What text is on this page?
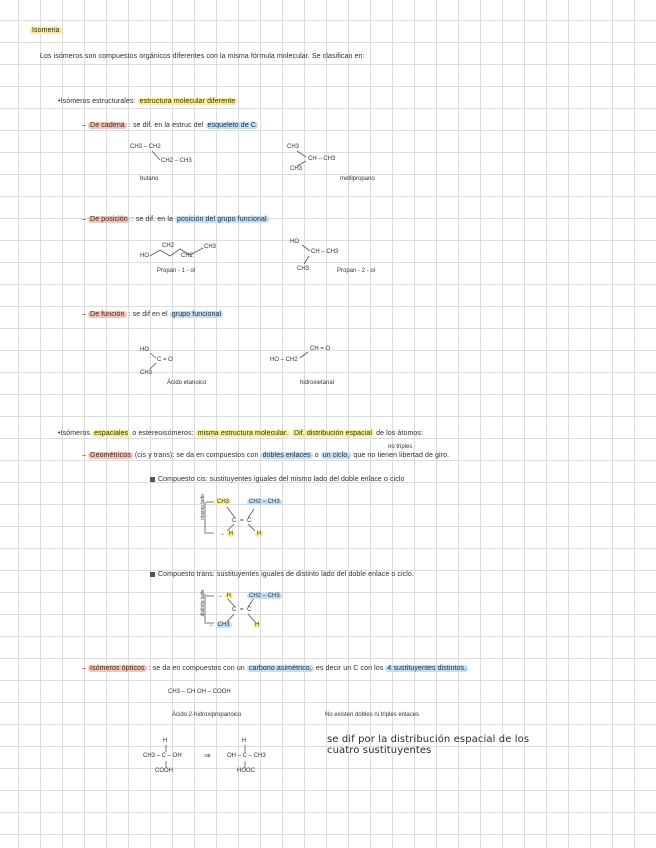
Isomeria
Los isómeros son compuestos orgánicos diferentes con la misma fórmula molecular. Se clasifican en:
•Isómeros estructurales: estructura molecular diferente
– De cadena : se dif. en la estruc del esqueleto de C
CH3 – CH2
CH2 – CH3
butano
CH3
CH – CH3
CH3
metilpropano
– De posición : se dif. en la posición del grupo funcional
HO
CH2
CH2
CH3
Propan - 1 - ol
HO
CH – CH3
CH3	Propan - 2 - ol
– De función : se dif en el grupo funcional
HO
C = O
CH3
Ácido etanoico
HO – CH2
CH = O
hidroxietanal
no triples
•Isómeros espaciales o estereoisómeros: misma estructura molecular. Dif. distribución espacial de los átomos:
– Geométricos (cis y trans): se da en compuestos con dobles enlaces o un ciclo, que no tienen libertad de giro.
Compuesto cis: sustituyentes iguales del mismo lado del doble enlace o ciclo
mismo lado	CH3	CH2 – CH3
C = C
→ H	H
Compuesto trans: sustituyentes iguales de distinto lado del doble enlace o ciclo.
distinto lado → H	CH2 – CH3
C = C
→ CH3	H
– Isómeros ópticos : se da en compuestos con un carbono asimétrico, es decir un C con los 4 sustituyentes distintos.
CH3 – CH OH – COOH
Ácido 2-hidroxipropanoico	No existen dobles ni triples enlaces
se dif por la distribución espacial de los
cuatro sustituyentes
H
CH3 – C – OH
COOH
⇒
H
OH – C – CH3
HOOC
